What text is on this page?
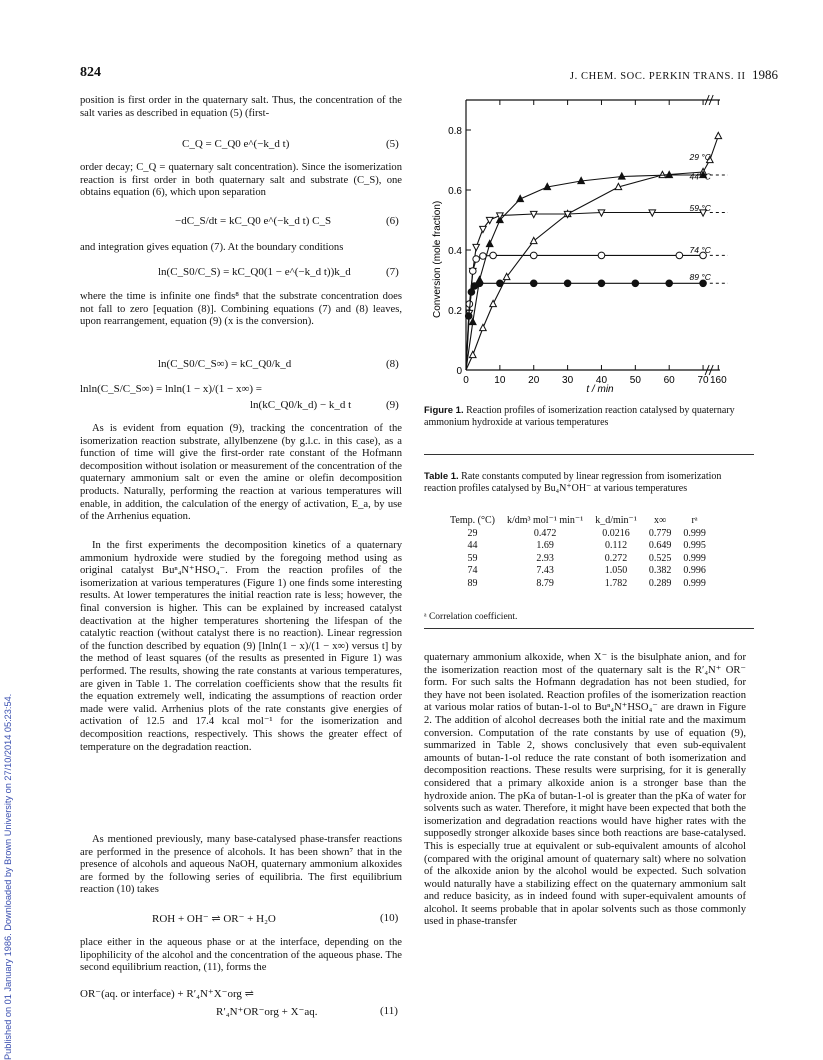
Published on 01 January 1986. Downloaded by Brown University on 27/10/2014 05:23:54.
824	J. CHEM. SOC. PERKIN TRANS. II 1986
position is first order in the quaternary salt. Thus, the concentration of the salt varies as described in equation (5) (first-
C_Q = C_Q0 e^(−k_d t)	(5)
order decay; C_Q = quaternary salt concentration). Since the isomerization reaction is first order in both quaternary salt and substrate (C_S), one obtains equation (6), which upon separation
−dC_S/dt = kC_Q0 e^(−k_d t) C_S	(6)
and integration gives equation (7). At the boundary conditions
ln(C_S0/C_S) = kC_Q0(1 − e^(−k_d t))k_d	(7)
where the time is infinite one finds⁸ that the substrate concentration does not fall to zero [equation (8)]. Combining equations (7) and (8) leaves, upon rearrangement, equation (9) (x is the conversion).
ln(C_S0/C_S∞) = kC_Q0/k_d	(8)
lnln(C_S/C_S∞) = lnln(1 − x)/(1 − x∞) =
ln(kC_Q0/k_d) − k_d t	(9)
As is evident from equation (9), tracking the concentration of the isomerization reaction substrate, allylbenzene (by g.l.c. in this case), as a function of time will give the first-order rate constant of the Hofmann decomposition without isolation or measurement of the concentration of the quaternary ammonium salt or even the amine or olefin decomposition products. Naturally, performing the reaction at various temperatures will enable, in addition, the calculation of the energy of activation, E_a, by use of the Arrhenius equation.
In the first experiments the decomposition kinetics of a quaternary ammonium hydroxide were studied by the foregoing method using as original catalyst Buⁿ₄N⁺HSO₄⁻. From the reaction profiles of the isomerization at various temperatures (Figure 1) one finds some interesting results. At lower temperatures the initial reaction rate is less; however, the final conversion is higher. This can be explained by increased catalyst deactivation at the higher temperatures shortening the lifespan of the catalytic reaction (without catalyst there is no reaction). Linear regression of the function described by equation (9) [lnln(1 − x)/(1 − x∞) versus t] by the method of least squares (of the results as presented in Figure 1) was performed. The results, showing the rate constants at various temperatures, are given in Table 1. The correlation coefficients show that the results fit the equation extremely well, indicating the assumptions of reaction order made were valid. Arrhenius plots of the rate constants give energies of activation of 12.5 and 17.4 kcal mol⁻¹ for the isomerization and decomposition reactions, respectively. This shows the greater effect of temperature on the degradation reaction.
As mentioned previously, many base-catalysed phase-transfer reactions are performed in the presence of alcohols. It has been shown⁷ that in the presence of alcohols and aqueous NaOH, quaternary ammonium alkoxides are formed by the following series of equilibria. The first equilibrium reaction (10) takes
ROH + OH⁻ ⇌ OR⁻ + H₂O	(10)
place either in the aqueous phase or at the interface, depending on the lipophilicity of the alcohol and the concentration of the aqueous phase. The second equilibrium reaction, (11), forms the
OR⁻(aq. or interface) + R′₄N⁺X⁻org ⇌
R′₄N⁺OR⁻org + X⁻aq.	(11)
0
0.2
0.4
0.6
0.8
0	10 20 30 40 50 60 70 160
29 °C
44 °C
59 °C
74 °C
89 °C
Conversion (mole fraction)
t / min
Figure 1. Reaction profiles of isomerization reaction catalysed by quaternary ammonium hydroxide at various temperatures
Table 1. Rate constants computed by linear regression from isomerization reaction profiles catalysed by Bu₄N⁺OH⁻ at various temperatures
Temp. (°C)	k/dm³ mol⁻¹ min⁻¹	k_d/min⁻¹	x∞	rᵃ
29	0.472	0.0216	0.779	0.999
44	1.69	0.112	0.649	0.995
59	2.93	0.272	0.525	0.999
74	7.43	1.050	0.382	0.996
89	8.79	1.782	0.289	0.999
ᵃ Correlation coefficient.
quaternary ammonium alkoxide, when X⁻ is the bisulphate anion, and for the isomerization reaction most of the quaternary salt is the R′₄N⁺ OR⁻ form. For such salts the Hofmann degradation has not been studied, for they have not been isolated. Reaction profiles of the isomerization reaction at various molar ratios of butan-1-ol to Buⁿ₄N⁺HSO₄⁻ are drawn in Figure 2. The addition of alcohol decreases both the initial rate and the maximum conversion. Computation of the rate constants by use of equation (9), summarized in Table 2, shows conclusively that even sub-equivalent amounts of butan-1-ol reduce the rate constant of both isomerization and decomposition reactions. These results were surprising, for it is generally considered that a primary alkoxide anion is a stronger base than the hydroxide anion. The pKa of butan-1-ol is greater than the pKa of water for solvents such as water. Therefore, it might have been expected that both the isomerization and degradation reactions would have higher rates with the supposedly stronger alkoxide bases since both reactions are base-catalysed. This is especially true at equivalent or sub-equivalent amounts of alcohol (compared with the original amount of quaternary salt) where no solvation of the alkoxide anion by the alcohol would be expected. Such solvation would naturally have a stabilizing effect on the quaternary ammonium salt and reduce basicity, as in indeed found with super-equivalent amounts of alcohol. It seems probable that in apolar solvents such as those commonly used in phase-transfer
